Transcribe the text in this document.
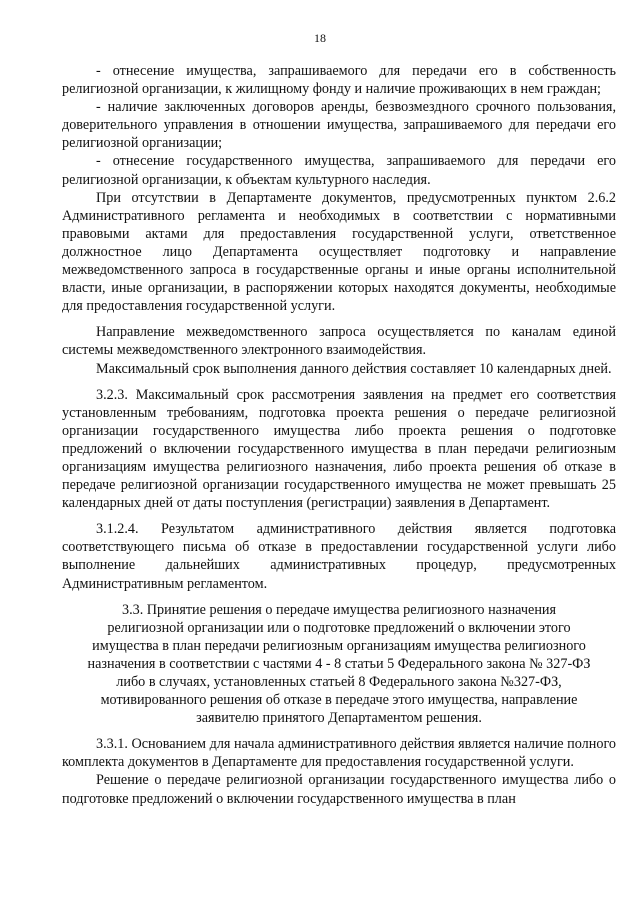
18

- отнесение имущества, запрашиваемого для передачи его в собственность религиозной организации, к жилищному фонду и наличие проживающих в нем граждан;

- наличие заключенных договоров аренды, безвозмездного срочного пользования, доверительного управления в отношении имущества, запрашиваемого для передачи его религиозной организации;

- отнесение государственного имущества, запрашиваемого для передачи его религиозной организации, к объектам культурного наследия.

При отсутствии в Департаменте документов, предусмотренных пунктом 2.6.2 Административного регламента и необходимых в соответствии с нормативными правовыми актами для предоставления государственной услуги, ответственное должностное лицо Департамента осуществляет подготовку и направление межведомственного запроса в государственные органы и иные органы исполнительной власти, иные организации, в распоряжении которых находятся документы, необходимые для предоставления государственной услуги.

Направление межведомственного запроса осуществляется по каналам единой системы межведомственного электронного взаимодействия.

Максимальный срок выполнения данного действия составляет 10 календарных дней.

3.2.3. Максимальный срок рассмотрения заявления на предмет его соответствия установленным требованиям, подготовка проекта решения о передаче религиозной организации государственного имущества либо проекта решения о подготовке предложений о включении государственного имущества в план передачи религиозным организациям имущества религиозного назначения, либо проекта решения об отказе в передаче религиозной организации государственного имущества не может превышать 25 календарных дней от даты поступления (регистрации) заявления в Департамент.

3.1.2.4. Результатом административного действия является подготовка соответствующего письма об отказе в предоставлении государственной услуги либо выполнение дальнейших административных процедур, предусмотренных Административным регламентом.

3.3. Принятие решения о передаче имущества религиозного назначения религиозной организации или о подготовке предложений о включении этого имущества в план передачи религиозным организациям имущества религиозного назначения в соответствии с частями 4 - 8 статьи 5 Федерального закона № 327-ФЗ либо в случаях, установленных статьей 8 Федерального закона №327-ФЗ, мотивированного решения об отказе в передаче этого имущества, направление заявителю принятого Департаментом решения.

3.3.1. Основанием для начала административного действия является наличие полного комплекта документов в Департаменте для предоставления государственной услуги.

Решение о передаче религиозной организации государственного имущества либо о подготовке предложений о включении государственного имущества в план
